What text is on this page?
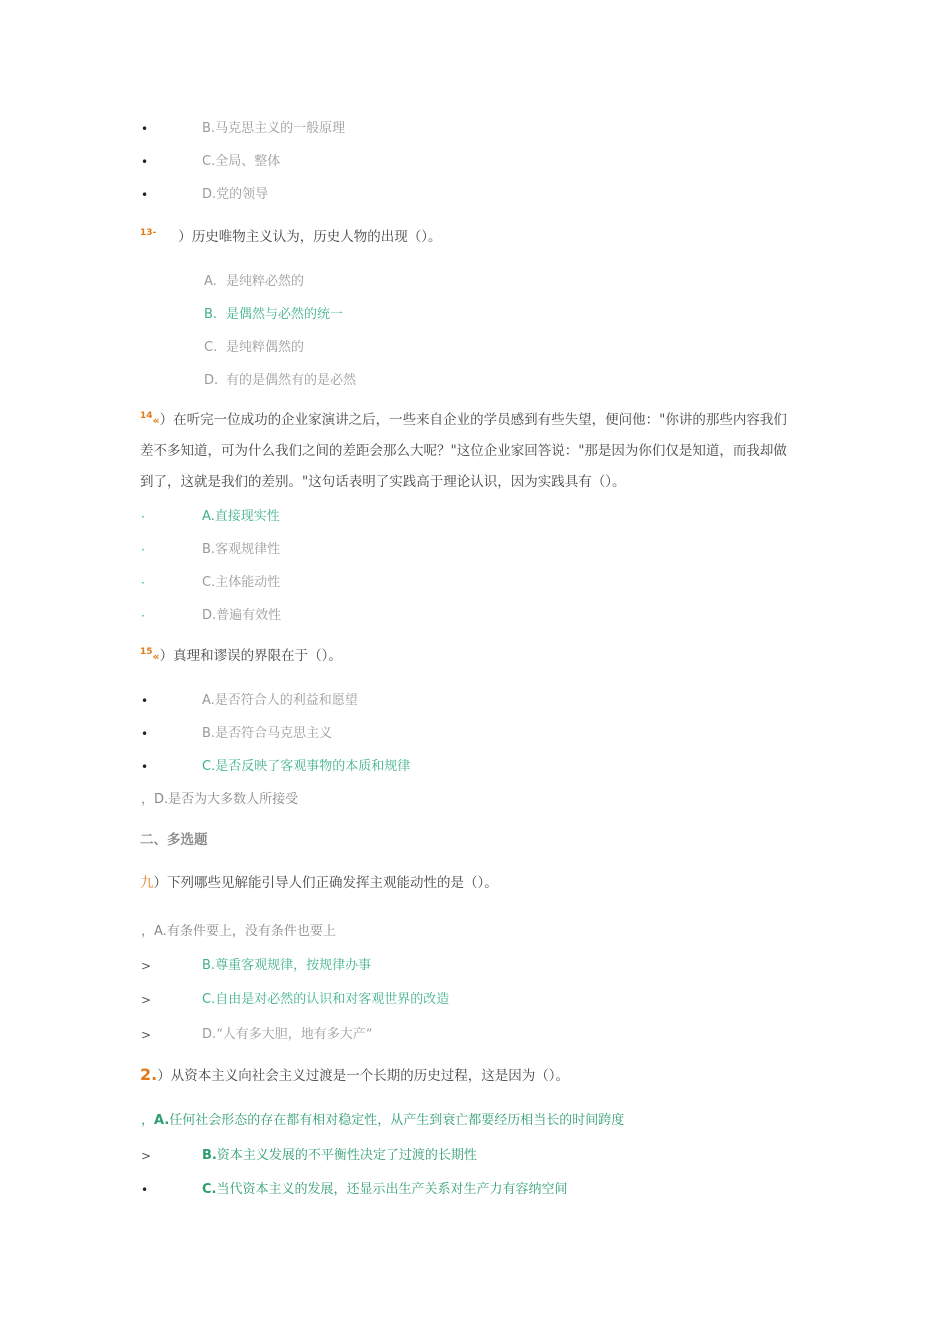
•	B.马克思主义的一般原理
•	C.全局、整体
•	D.党的领导
$^{13-}$ ）历史唯物主义认为，历史人物的出现（）。
A. 是纯粹必然的
B. 是偶然与必然的统一
C. 是纯粹偶然的
D. 有的是偶然有的是必然
$^{14}$«）在听完一位成功的企业家演讲之后，一些来自企业的学员感到有些失望，便问他："你讲的那些内容我们
差不多知道，可为什么我们之间的差距会那么大呢？"这位企业家回答说："那是因为你们仅是知道，而我却做
到了，这就是我们的差别。"这句话表明了实践高于理论认识，因为实践具有（）。
·	A.直接现实性
·	B.客观规律性
·	C.主体能动性
·	D.普遍有效性
$^{15}$«）真理和谬误的界限在于（）。
•	A.是否符合人的利益和愿望
•	B.是否符合马克思主义
•	C.是否反映了客观事物的本质和规律
，D.是否为大多数人所接受
二、多选题
九）下列哪些见解能引导人们正确发挥主观能动性的是（）。
，A.有条件要上，没有条件也要上
>	B.尊重客观规律，按规律办事
>	C.自由是对必然的认识和对客观世界的改造
>	D.“人有多大胆，地有多大产”
2.）从资本主义向社会主义过渡是一个长期的历史过程，这是因为（）。
，A.任何社会形态的存在都有相对稳定性，从产生到衰亡都要经历相当长的时间跨度
>	B.资本主义发展的不平衡性决定了过渡的长期性
•	C.当代资本主义的发展，还显示出生产关系对生产力有容纳空间
